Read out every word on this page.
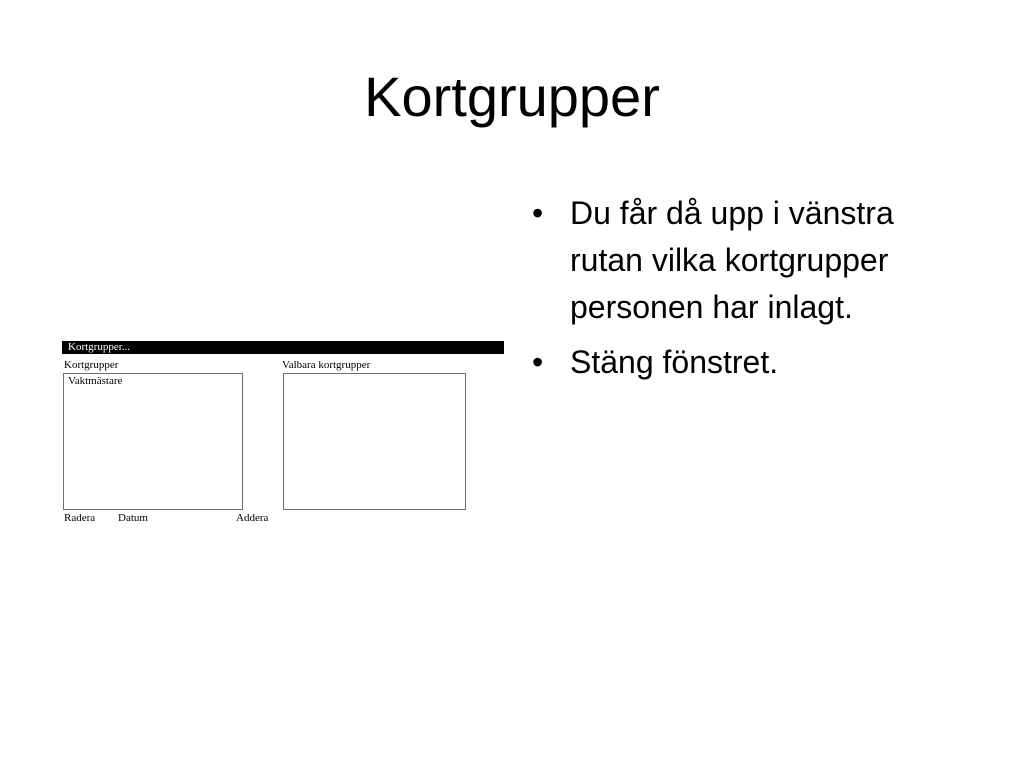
Kortgrupper
Kortgrupper...
Kortgrupper	Valbara kortgrupper
Vaktmästare
Radera Datum	Addera
• Du får då upp i vänstra rutan vilka kortgrupper personen har inlagt.
• Stäng fönstret.
